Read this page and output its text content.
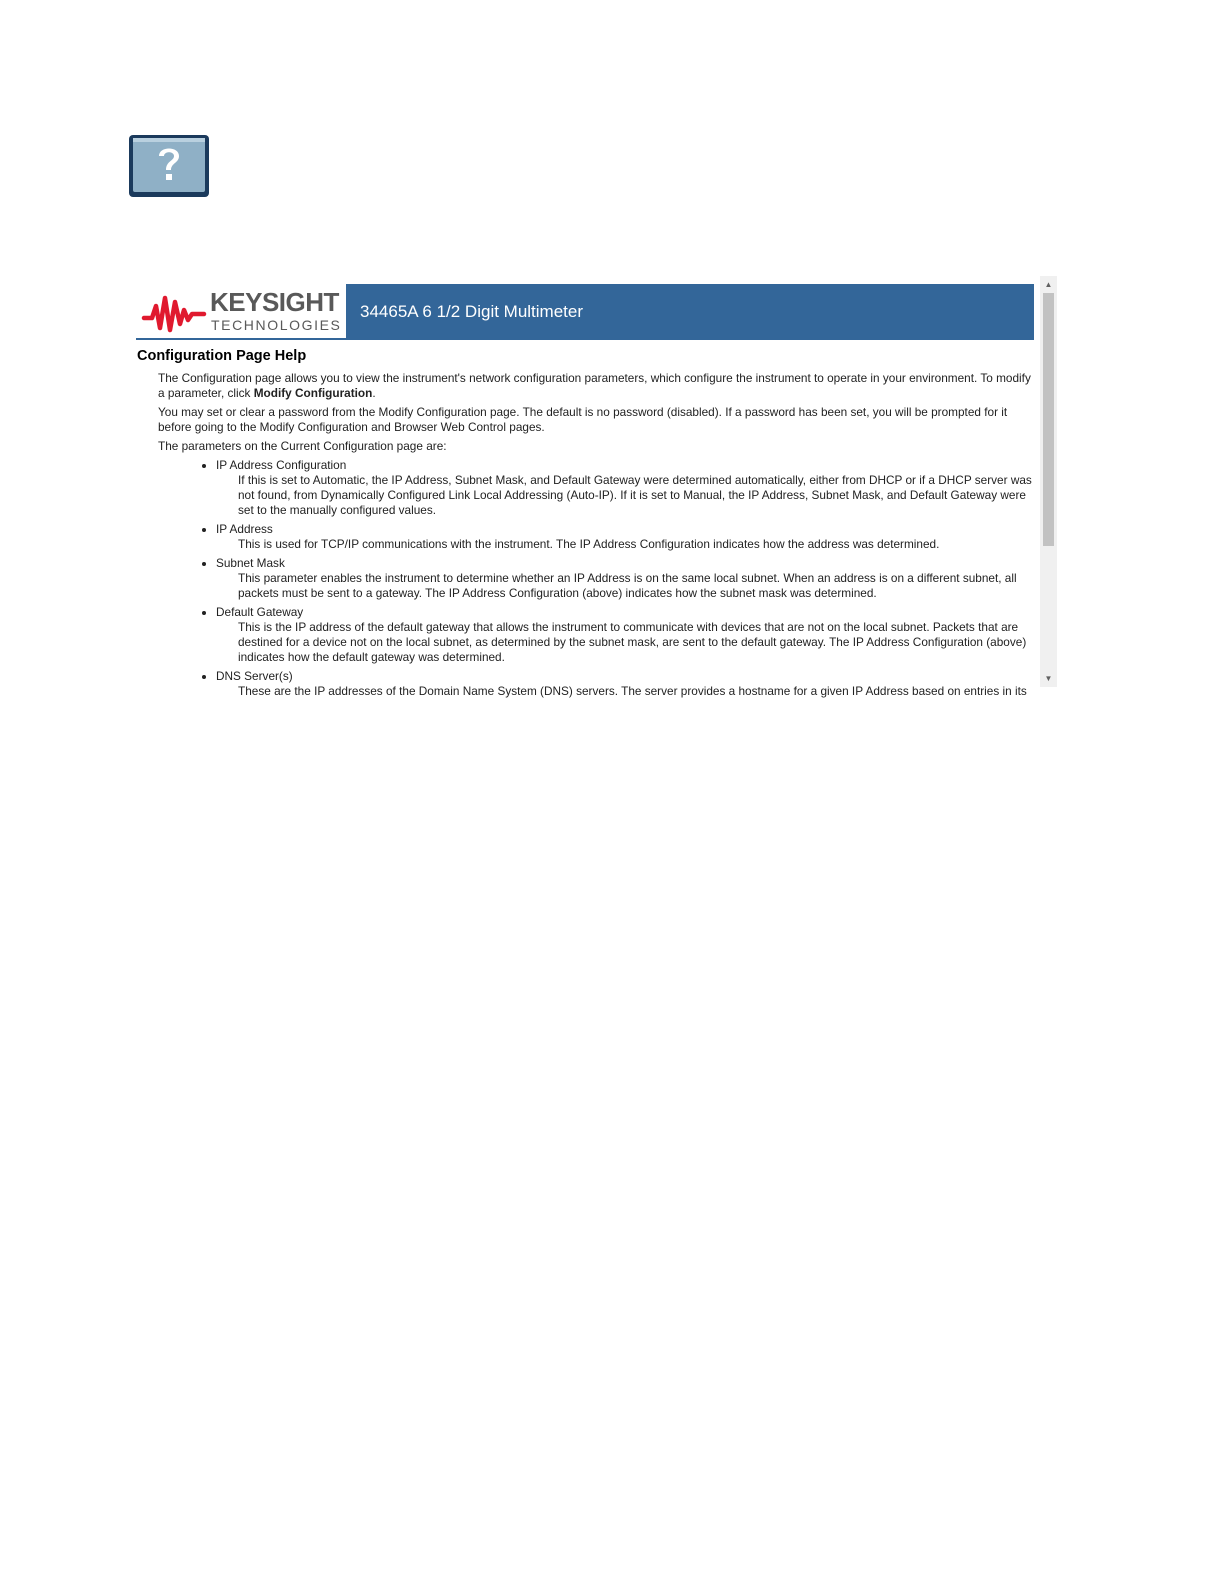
KEYSIGHT
TECHNOLOGIES
34465A 6 1/2 Digit Multimeter
Configuration Page Help

The Configuration page allows you to view the instrument's network configuration parameters, which configure the instrument to operate in your environment. To modify a parameter, click Modify Configuration.

You may set or clear a password from the Modify Configuration page. The default is no password (disabled). If a password has been set, you will be prompted for it before going to the Modify Configuration and Browser Web Control pages.

The parameters on the Current Configuration page are:

• IP Address Configuration
If this is set to Automatic, the IP Address, Subnet Mask, and Default Gateway were determined automatically, either from DHCP or if a DHCP server was not found, from Dynamically Configured Link Local Addressing (Auto-IP). If it is set to Manual, the IP Address, Subnet Mask, and Default Gateway were set to the manually configured values.
• IP Address
This is used for TCP/IP communications with the instrument. The IP Address Configuration indicates how the address was determined.
• Subnet Mask
This parameter enables the instrument to determine whether an IP Address is on the same local subnet. When an address is on a different subnet, all packets must be sent to a gateway. The IP Address Configuration (above) indicates how the subnet mask was determined.
• Default Gateway
This is the IP address of the default gateway that allows the instrument to communicate with devices that are not on the local subnet. Packets that are destined for a device not on the local subnet, as determined by the subnet mask, are sent to the default gateway. The IP Address Configuration (above) indicates how the default gateway was determined.
• DNS Server(s)
These are the IP addresses of the Domain Name System (DNS) servers. The server provides a hostname for a given IP Address based on entries in its
▲
▼
